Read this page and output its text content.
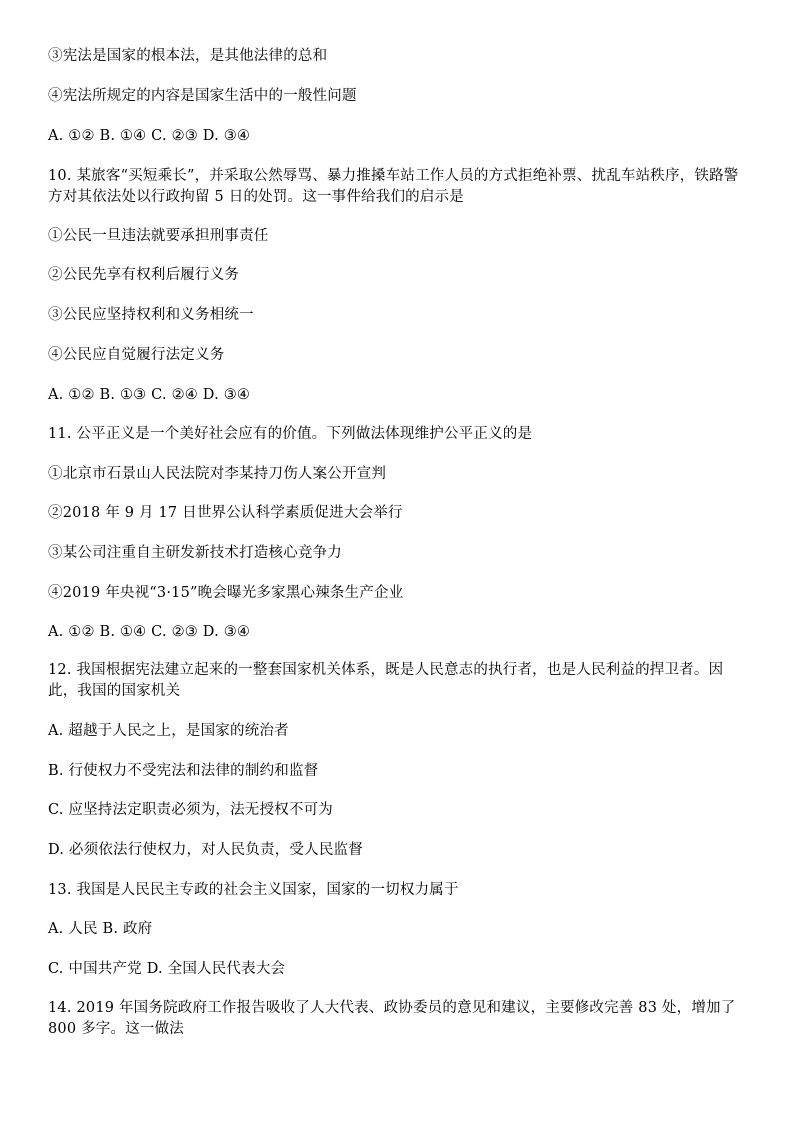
③宪法是国家的根本法，是其他法律的总和
④宪法所规定的内容是国家生活中的一般性问题
A. ①② B. ①④ C. ②③ D. ③④
10. 某旅客“买短乘长”，并采取公然辱骂、暴力推搡车站工作人员的方式拒绝补票、扰乱车站秩序，铁路警方对其依法处以行政拘留 5 日的处罚。这一事件给我们的启示是
①公民一旦违法就要承担刑事责任
②公民先享有权利后履行义务
③公民应坚持权利和义务相统一
④公民应自觉履行法定义务
A. ①② B. ①③ C. ②④ D. ③④
11. 公平正义是一个美好社会应有的价值。下列做法体现维护公平正义的是
①北京市石景山人民法院对李某持刀伤人案公开宣判
②2018 年 9 月 17 日世界公认科学素质促进大会举行
③某公司注重自主研发新技术打造核心竞争力
④2019 年央视“3·15”晚会曝光多家黑心辣条生产企业
A. ①② B. ①④ C. ②③ D. ③④
12. 我国根据宪法建立起来的一整套国家机关体系，既是人民意志的执行者，也是人民利益的捍卫者。因此，我国的国家机关
A. 超越于人民之上，是国家的统治者
B. 行使权力不受宪法和法律的制约和监督
C. 应坚持法定职责必须为，法无授权不可为
D. 必须依法行使权力，对人民负责，受人民监督
13. 我国是人民民主专政的社会主义国家，国家的一切权力属于
A. 人民 B. 政府
C. 中国共产党 D. 全国人民代表大会
14. 2019 年国务院政府工作报告吸收了人大代表、政协委员的意见和建议，主要修改完善 83 处，增加了 800 多字。这一做法
